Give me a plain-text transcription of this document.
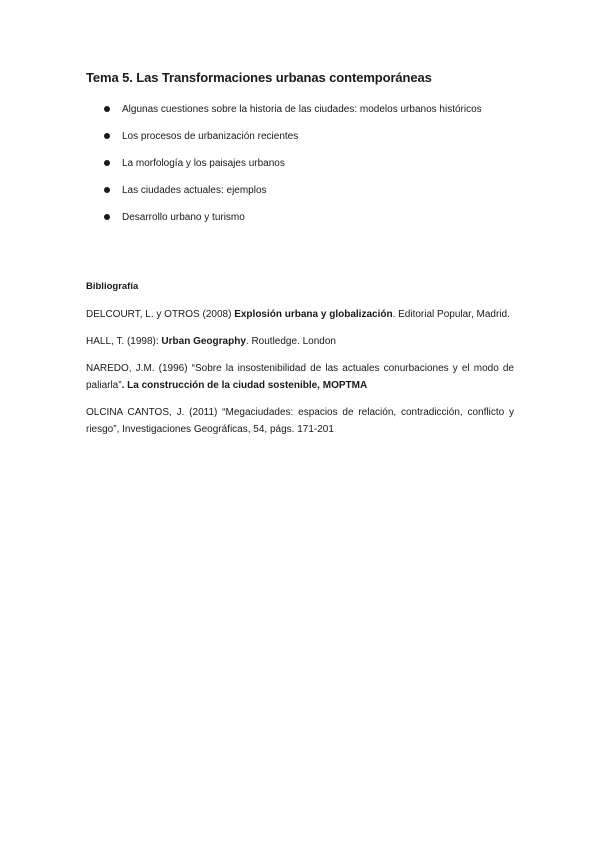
Tema 5. Las Transformaciones urbanas contemporáneas
Algunas cuestiones sobre la historia de las ciudades: modelos urbanos históricos
Los procesos de urbanización recientes
La morfología y los paisajes urbanos
Las ciudades actuales: ejemplos
Desarrollo urbano y turismo
Bibliografía

DELCOURT, L. y OTROS (2008) Explosión urbana y globalización. Editorial Popular, Madrid.

HALL, T. (1998): Urban Geography. Routledge. London

NAREDO, J.M. (1996) “Sobre la insostenibilidad de las actuales conurbaciones y el modo de paliarla”. La construcción de la ciudad sostenible, MOPTMA

OLCINA CANTOS, J. (2011) “Megaciudades: espacios de relación, contradicción, conflicto y riesgo”, Investigaciones Geográficas, 54, págs. 171-201
